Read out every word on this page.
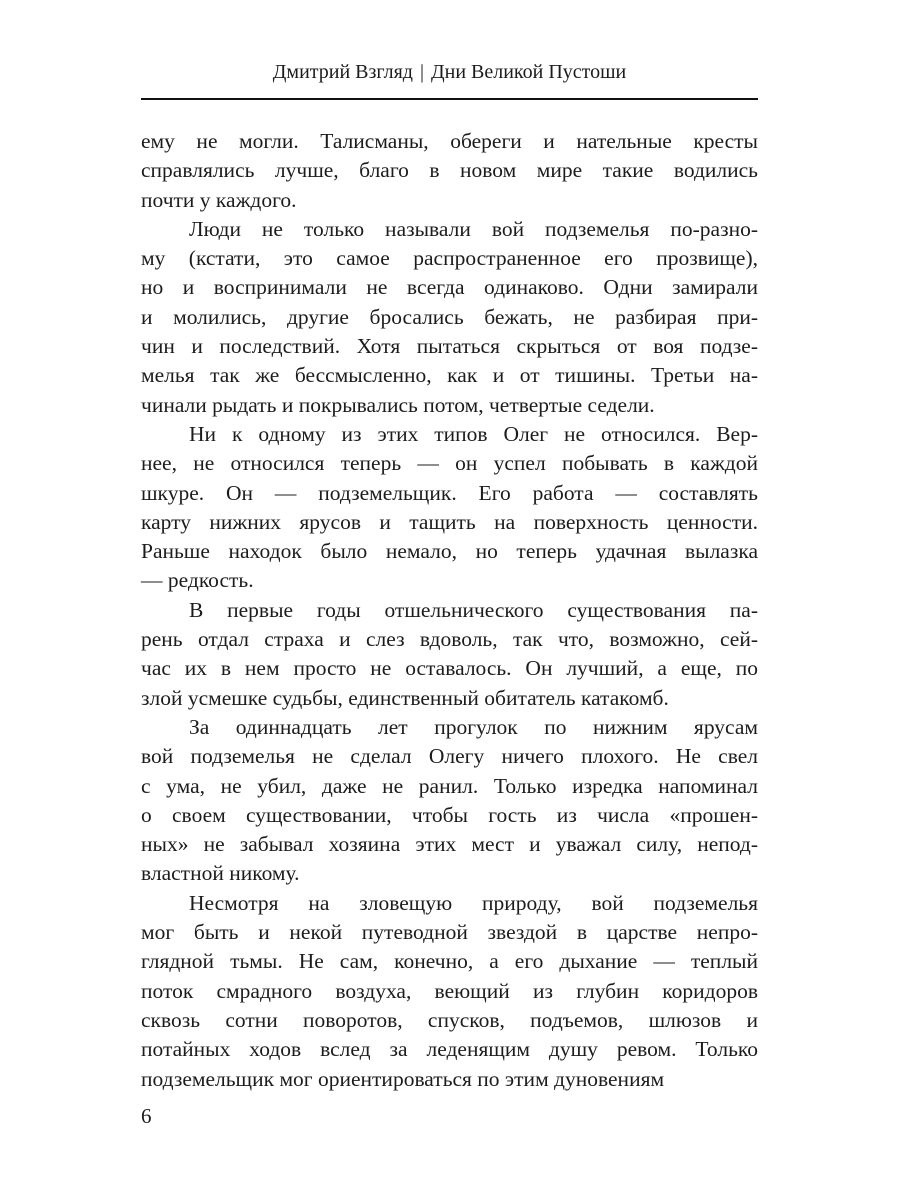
Дмитрий Взгляд | Дни Великой Пустоши
ему не могли. Талисманы, обереги и нательные кресты
справлялись лучше, благо в новом мире такие водились
почти у каждого.
Люди не только называли вой подземелья по-разно-
му (кстати, это самое распространенное его прозвище),
но и воспринимали не всегда одинаково. Одни замирали
и молились, другие бросались бежать, не разбирая при-
чин и последствий. Хотя пытаться скрыться от воя подзе-
мелья так же бессмысленно, как и от тишины. Третьи на-
чинали рыдать и покрывались потом, четвертые седели.
Ни к одному из этих типов Олег не относился. Вер-
нее, не относился теперь — он успел побывать в каждой
шкуре. Он — подземельщик. Его работа — составлять
карту нижних ярусов и тащить на поверхность ценности.
Раньше находок было немало, но теперь удачная вылазка
— редкость.
В первые годы отшельнического существования па-
рень отдал страха и слез вдоволь, так что, возможно, сей-
час их в нем просто не оставалось. Он лучший, а еще, по
злой усмешке судьбы, единственный обитатель катакомб.
За одиннадцать лет прогулок по нижним ярусам
вой подземелья не сделал Олегу ничего плохого. Не свел
с ума, не убил, даже не ранил. Только изредка напоминал
о своем существовании, чтобы гость из числа «прошен-
ных» не забывал хозяина этих мест и уважал силу, непод-
властной никому.
Несмотря на зловещую природу, вой подземелья
мог быть и некой путеводной звездой в царстве непро-
глядной тьмы. Не сам, конечно, а его дыхание — теплый
поток смрадного воздуха, веющий из глубин коридоров
сквозь сотни поворотов, спусков, подъемов, шлюзов и
потайных ходов вслед за леденящим душу ревом. Только
подземельщик мог ориентироваться по этим дуновениям
6
